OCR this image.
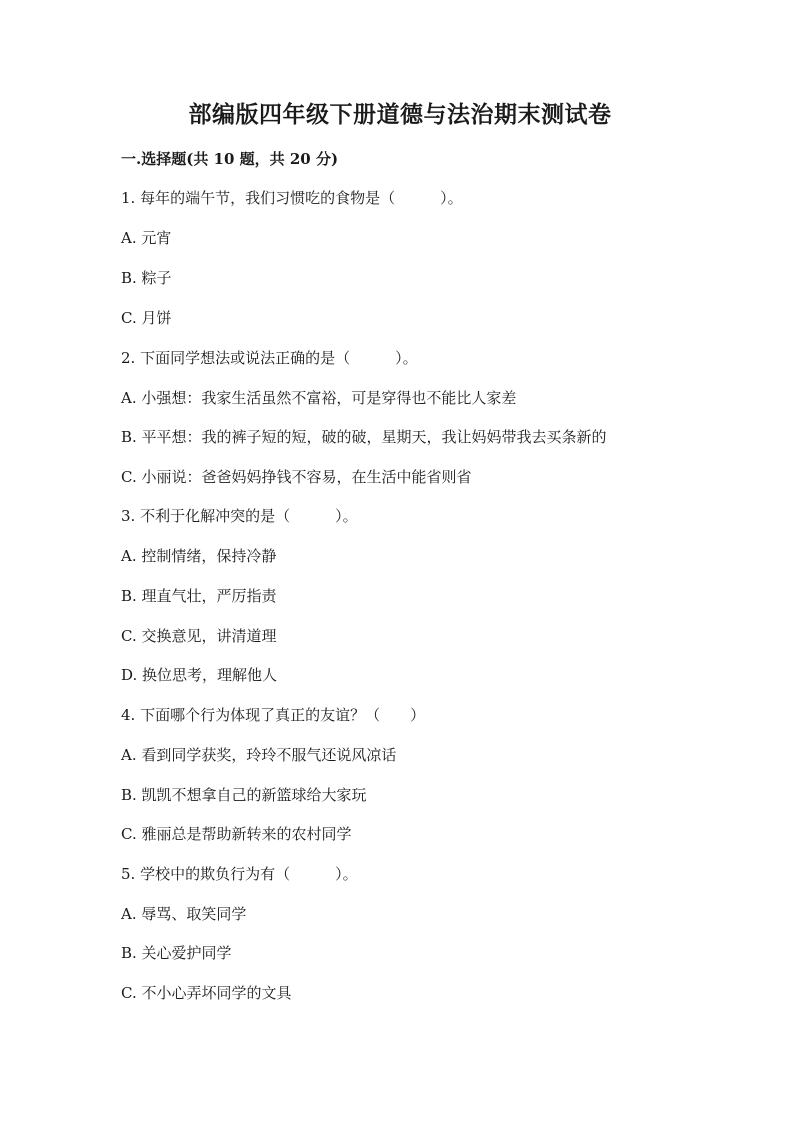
部编版四年级下册道德与法治期末测试卷
一.选择题(共 10 题，共 20 分)
1. 每年的端午节，我们习惯吃的食物是（　　　）。
A. 元宵
B. 粽子
C. 月饼
2. 下面同学想法或说法正确的是（　　　）。
A. 小强想：我家生活虽然不富裕，可是穿得也不能比人家差
B. 平平想：我的裤子短的短，破的破，星期天，我让妈妈带我去买条新的
C. 小丽说：爸爸妈妈挣钱不容易，在生活中能省则省
3. 不利于化解冲突的是（　　　）。
A. 控制情绪，保持冷静
B. 理直气壮，严厉指责
C. 交换意见，讲清道理
D. 换位思考，理解他人
4. 下面哪个行为体现了真正的友谊？（　　）
A. 看到同学获奖，玲玲不服气还说风凉话
B. 凯凯不想拿自己的新篮球给大家玩
C. 雅丽总是帮助新转来的农村同学
5. 学校中的欺负行为有（　　　）。
A. 辱骂、取笑同学
B. 关心爱护同学
C. 不小心弄坏同学的文具
